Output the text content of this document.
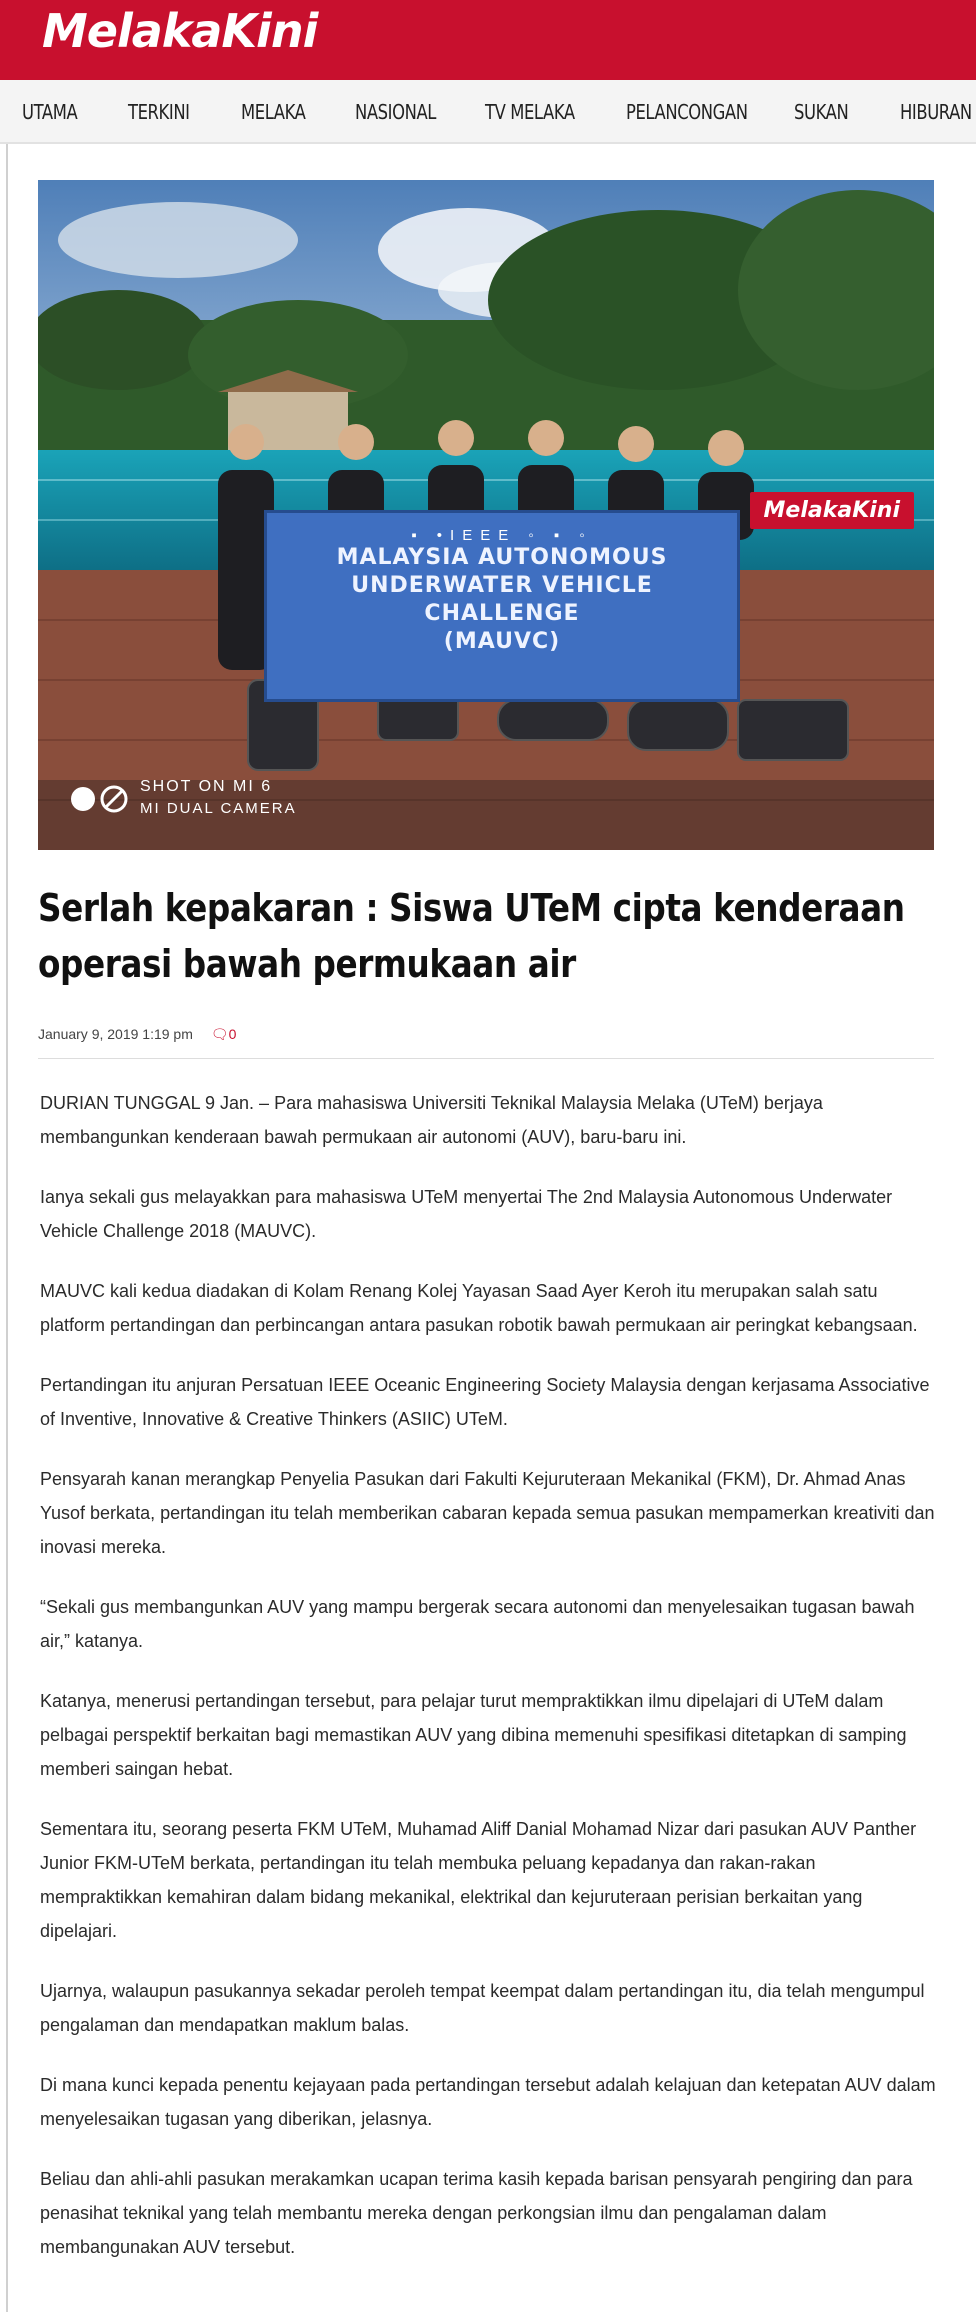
MelakaKini
UTAMA	TERKINI	MELAKA NASIONAL TV MELAKA	PELANCONGAN SUKAN	HIBURAN
MelakaKini
▪ •IEEE ◦ ▪ ◦
MALAYSIA AUTONOMOUS
UNDERWATER VEHICLE
CHALLENGE
(MAUVC)
SHOT ON MI 6
MI DUAL CAMERA
Serlah kepakaran : Siswa UTeM cipta kenderaan operasi bawah permukaan air
January 9, 2019 1:19 pm 🗨︎0

DURIAN TUNGGAL 9 Jan. – Para mahasiswa Universiti Teknikal Malaysia Melaka (UTeM) berjaya membangunkan kenderaan bawah permukaan air autonomi (AUV), baru-baru ini.

Ianya sekali gus melayakkan para mahasiswa UTeM menyertai The 2nd Malaysia Autonomous Underwater Vehicle Challenge 2018 (MAUVC).

MAUVC kali kedua diadakan di Kolam Renang Kolej Yayasan Saad Ayer Keroh itu merupakan salah satu platform pertandingan dan perbincangan antara pasukan robotik bawah permukaan air peringkat kebangsaan.

Pertandingan itu anjuran Persatuan IEEE Oceanic Engineering Society Malaysia dengan kerjasama Associative of Inventive, Innovative & Creative Thinkers (ASIIC) UTeM.

Pensyarah kanan merangkap Penyelia Pasukan dari Fakulti Kejuruteraan Mekanikal (FKM), Dr. Ahmad Anas Yusof berkata, pertandingan itu telah memberikan cabaran kepada semua pasukan mempamerkan kreativiti dan inovasi mereka.

“Sekali gus membangunkan AUV yang mampu bergerak secara autonomi dan menyelesaikan tugasan bawah air,” katanya.

Katanya, menerusi pertandingan tersebut, para pelajar turut mempraktikkan ilmu dipelajari di UTeM dalam pelbagai perspektif berkaitan bagi memastikan AUV yang dibina memenuhi spesifikasi ditetapkan di samping memberi saingan hebat.

Sementara itu, seorang peserta FKM UTeM, Muhamad Aliff Danial Mohamad Nizar dari pasukan AUV Panther Junior FKM-UTeM berkata, pertandingan itu telah membuka peluang kepadanya dan rakan-rakan mempraktikkan kemahiran dalam bidang mekanikal, elektrikal dan kejuruteraan perisian berkaitan yang dipelajari.

Ujarnya, walaupun pasukannya sekadar peroleh tempat keempat dalam pertandingan itu, dia telah mengumpul pengalaman dan mendapatkan maklum balas.

Di mana kunci kepada penentu kejayaan pada pertandingan tersebut adalah kelajuan dan ketepatan AUV dalam menyelesaikan tugasan yang diberikan, jelasnya.

Beliau dan ahli-ahli pasukan merakamkan ucapan terima kasih kepada barisan pensyarah pengiring dan para penasihat teknikal yang telah membantu mereka dengan perkongsian ilmu dan pengalaman dalam membangunakan AUV tersebut.
